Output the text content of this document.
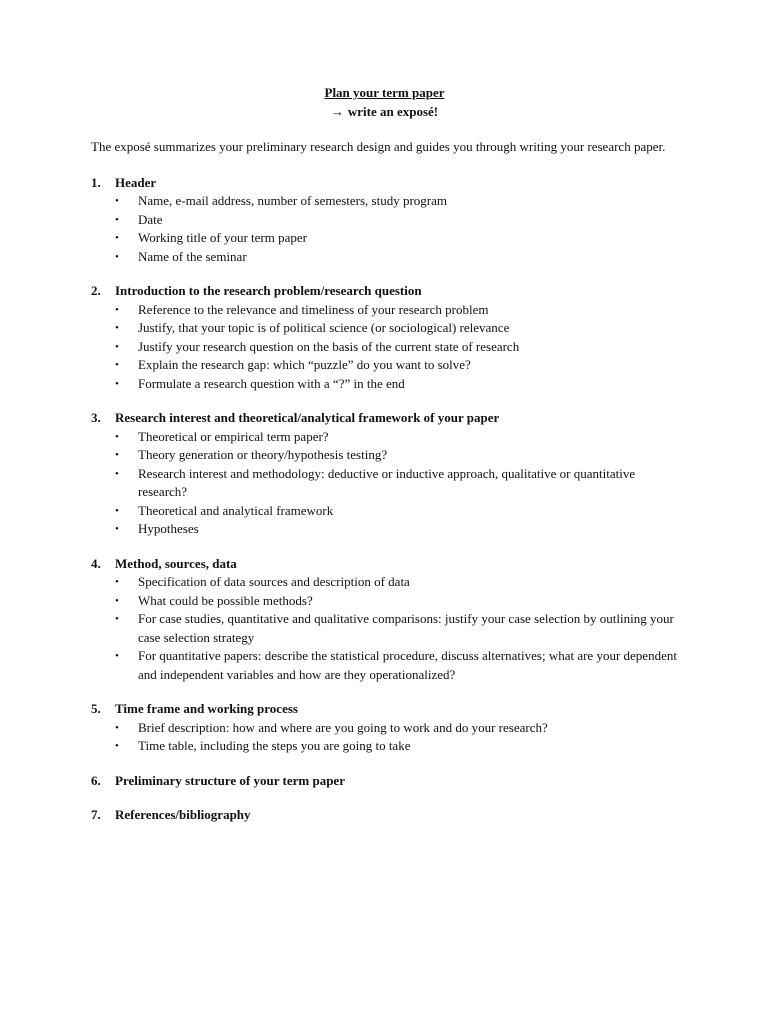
Plan your term paper

→ write an exposé!

The exposé summarizes your preliminary research design and guides you through writing your research paper.

1.	Header
•	Name, e-mail address, number of semesters, study program
•	Date
•	Working title of your term paper
•	Name of the seminar
2.	Introduction to the research problem/research question
•	Reference to the relevance and timeliness of your research problem
•	Justify, that your topic is of political science (or sociological) relevance
•	Justify your research question on the basis of the current state of research
•	Explain the research gap: which “puzzle” do you want to solve?
•	Formulate a research question with a “?” in the end
3.	Research interest and theoretical/analytical framework of your paper
•	Theoretical or empirical term paper?
•	Theory generation or theory/hypothesis testing?
•	Research interest and methodology: deductive or inductive approach, qualitative or quantitative research?
•	Theoretical and analytical framework
•	Hypotheses
4.	Method, sources, data
•	Specification of data sources and description of data
•	What could be possible methods?
•	For case studies, quantitative and qualitative comparisons: justify your case selection by outlining your case selection strategy
•	For quantitative papers: describe the statistical procedure, discuss alternatives; what are your dependent and independent variables and how are they operationalized?
5.	Time frame and working process
•	Brief description: how and where are you going to work and do your research?
•	Time table, including the steps you are going to take
6.	Preliminary structure of your term paper
7.	References/bibliography
